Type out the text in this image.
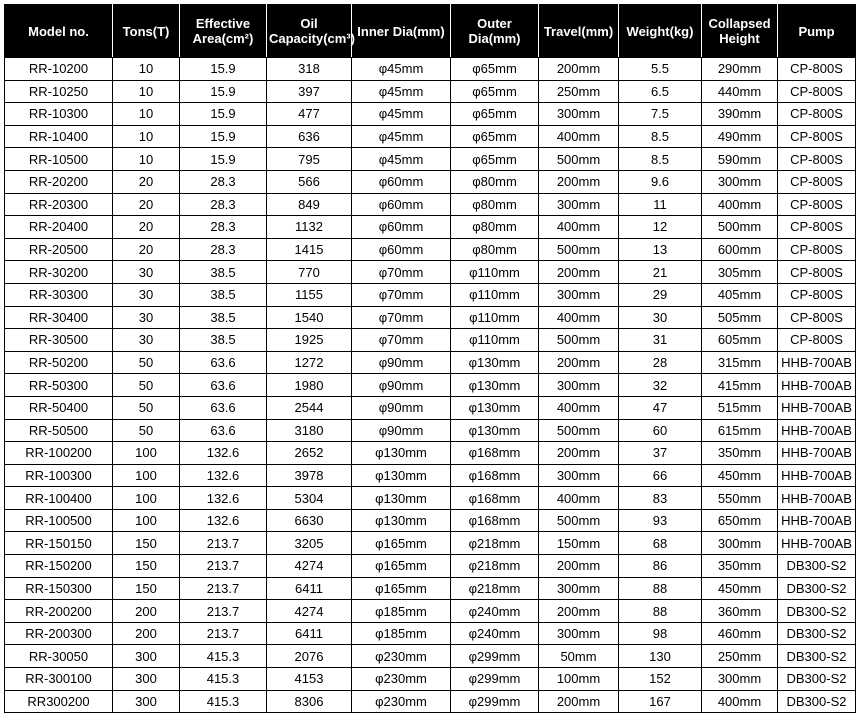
Model no.	Tons(T)	Effective Area(cm²)	Oil Capacity(cm³)	Inner Dia(mm)	Outer Dia(mm)	Travel(mm)	Weight(kg)	Collapsed Height	Pump
RR-10200	10	15.9	318	φ45mm	φ65mm	200mm	5.5	290mm	CP-800S
RR-10250	10	15.9	397	φ45mm	φ65mm	250mm	6.5	440mm	CP-800S
RR-10300	10	15.9	477	φ45mm	φ65mm	300mm	7.5	390mm	CP-800S
RR-10400	10	15.9	636	φ45mm	φ65mm	400mm	8.5	490mm	CP-800S
RR-10500	10	15.9	795	φ45mm	φ65mm	500mm	8.5	590mm	CP-800S
RR-20200	20	28.3	566	φ60mm	φ80mm	200mm	9.6	300mm	CP-800S
RR-20300	20	28.3	849	φ60mm	φ80mm	300mm	11	400mm	CP-800S
RR-20400	20	28.3	1132	φ60mm	φ80mm	400mm	12	500mm	CP-800S
RR-20500	20	28.3	1415	φ60mm	φ80mm	500mm	13	600mm	CP-800S
RR-30200	30	38.5	770	φ70mm	φ110mm	200mm	21	305mm	CP-800S
RR-30300	30	38.5	1155	φ70mm	φ110mm	300mm	29	405mm	CP-800S
RR-30400	30	38.5	1540	φ70mm	φ110mm	400mm	30	505mm	CP-800S
RR-30500	30	38.5	1925	φ70mm	φ110mm	500mm	31	605mm	CP-800S
RR-50200	50	63.6	1272	φ90mm	φ130mm	200mm	28	315mm	HHB-700AB
RR-50300	50	63.6	1980	φ90mm	φ130mm	300mm	32	415mm	HHB-700AB
RR-50400	50	63.6	2544	φ90mm	φ130mm	400mm	47	515mm	HHB-700AB
RR-50500	50	63.6	3180	φ90mm	φ130mm	500mm	60	615mm	HHB-700AB
RR-100200	100	132.6	2652	φ130mm	φ168mm	200mm	37	350mm	HHB-700AB
RR-100300	100	132.6	3978	φ130mm	φ168mm	300mm	66	450mm	HHB-700AB
RR-100400	100	132.6	5304	φ130mm	φ168mm	400mm	83	550mm	HHB-700AB
RR-100500	100	132.6	6630	φ130mm	φ168mm	500mm	93	650mm	HHB-700AB
RR-150150	150	213.7	3205	φ165mm	φ218mm	150mm	68	300mm	HHB-700AB
RR-150200	150	213.7	4274	φ165mm	φ218mm	200mm	86	350mm	DB300-S2
RR-150300	150	213.7	6411	φ165mm	φ218mm	300mm	88	450mm	DB300-S2
RR-200200	200	213.7	4274	φ185mm	φ240mm	200mm	88	360mm	DB300-S2
RR-200300	200	213.7	6411	φ185mm	φ240mm	300mm	98	460mm	DB300-S2
RR-30050	300	415.3	2076	φ230mm	φ299mm	50mm	130	250mm	DB300-S2
RR-300100	300	415.3	4153	φ230mm	φ299mm	100mm	152	300mm	DB300-S2
RR300200	300	415.3	8306	φ230mm	φ299mm	200mm	167	400mm	DB300-S2
